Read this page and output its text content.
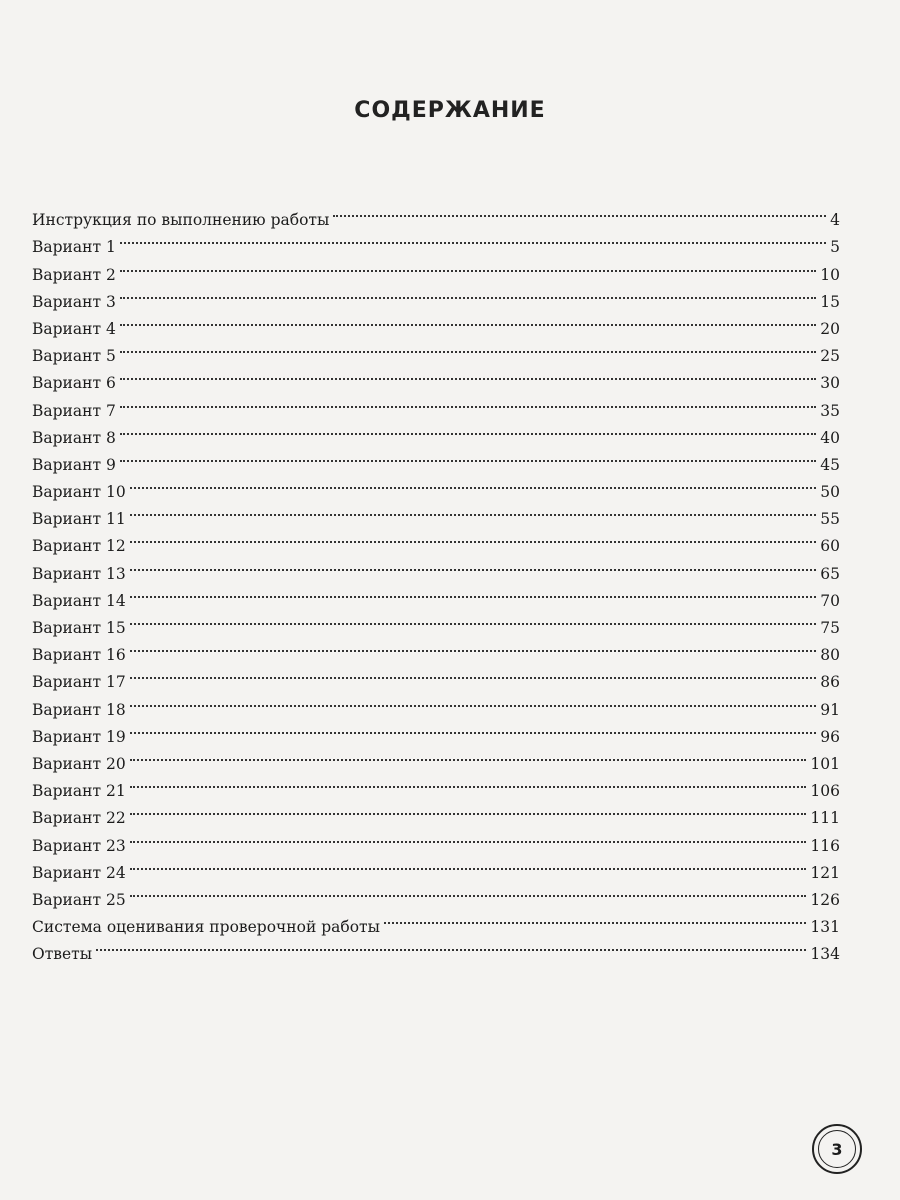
СОДЕРЖАНИЕ
Инструкция по выполнению работы	4
Вариант 1	5
Вариант 2	10
Вариант 3	15
Вариант 4	20
Вариант 5	25
Вариант 6	30
Вариант 7	35
Вариант 8	40
Вариант 9	45
Вариант 10	50
Вариант 11	55
Вариант 12	60
Вариант 13	65
Вариант 14	70
Вариант 15	75
Вариант 16	80
Вариант 17	86
Вариант 18	91
Вариант 19	96
Вариант 20	101
Вариант 21	106
Вариант 22	111
Вариант 23	116
Вариант 24	121
Вариант 25	126
Система оценивания проверочной работы	131
Ответы	134
3
